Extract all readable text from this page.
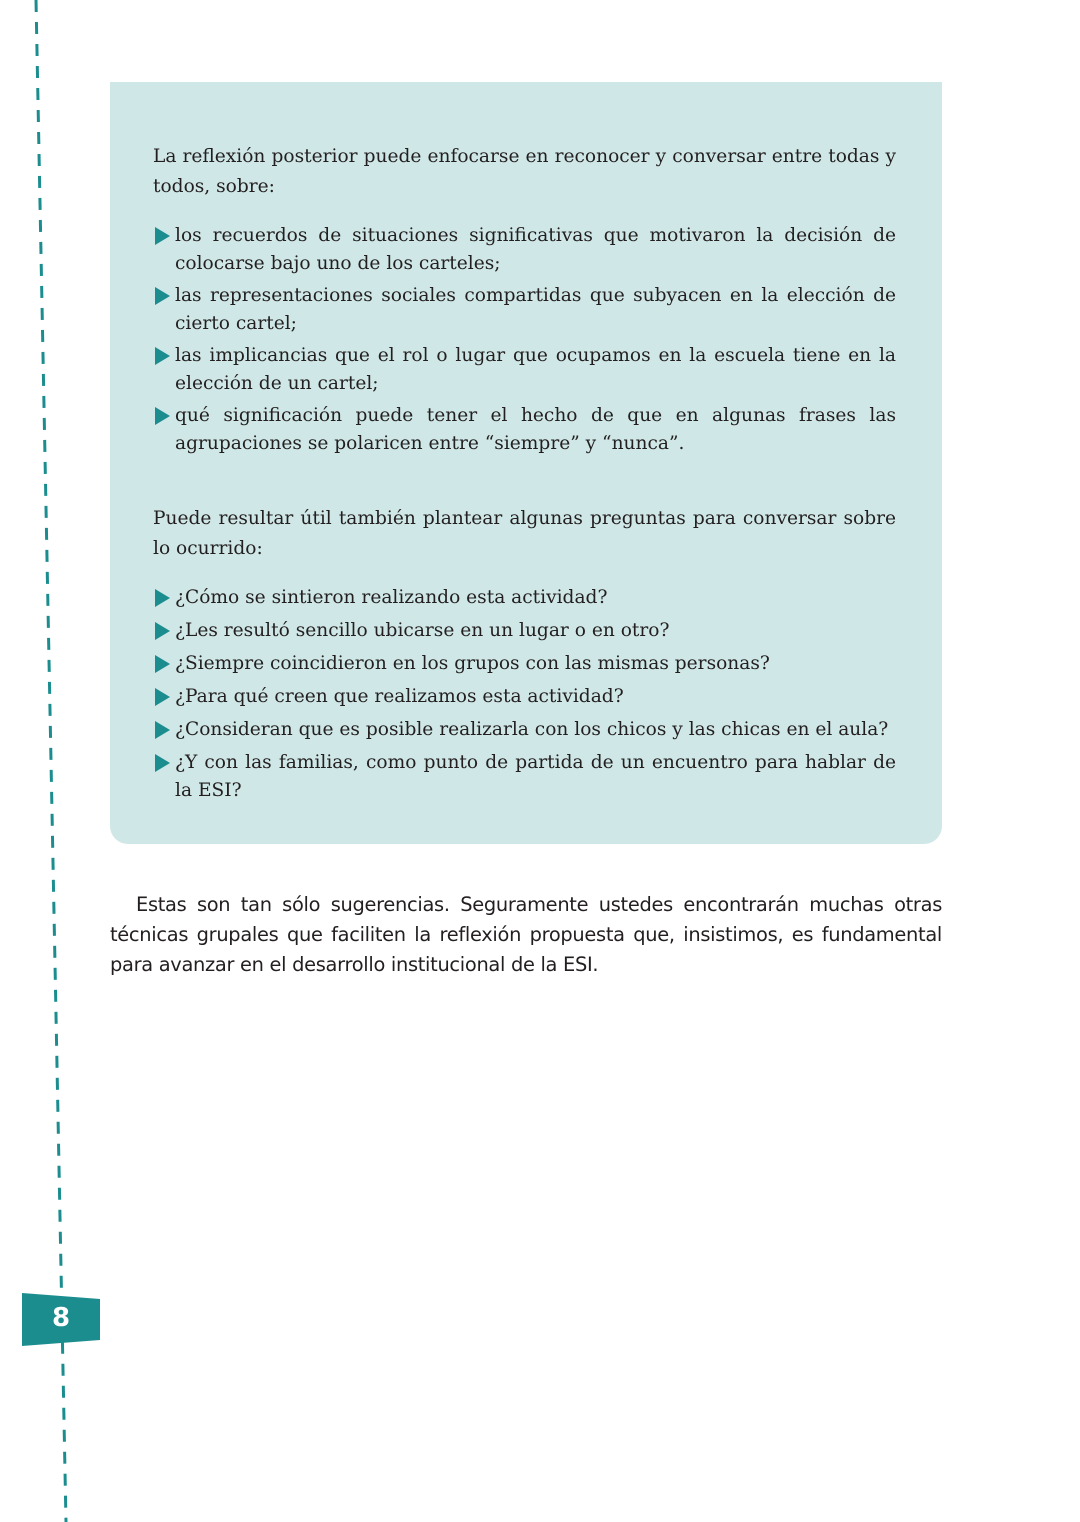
La reflexión posterior puede enfocarse en reconocer y conversar entre todas y todos, sobre:

los recuerdos de situaciones significativas que motivaron la decisión de colocarse bajo uno de los carteles;
las representaciones sociales compartidas que subyacen en la elección de cierto cartel;
las implicancias que el rol o lugar que ocupamos en la escuela tiene en la elección de un cartel;
qué significación puede tener el hecho de que en algunas frases las agrupaciones se polaricen entre “siempre” y “nunca”.

Puede resultar útil también plantear algunas preguntas para conversar sobre lo ocurrido:

¿Cómo se sintieron realizando esta actividad?
¿Les resultó sencillo ubicarse en un lugar o en otro?
¿Siempre coincidieron en los grupos con las mismas personas?
¿Para qué creen que realizamos esta actividad?
¿Consideran que es posible realizarla con los chicos y las chicas en el aula?
¿Y con las familias, como punto de partida de un encuentro para hablar de la ESI?

Estas son tan sólo sugerencias. Seguramente ustedes encontrarán muchas otras técnicas grupales que faciliten la reflexión propuesta que, insistimos, es fundamental para avanzar en el desarrollo institucional de la ESI.

8
